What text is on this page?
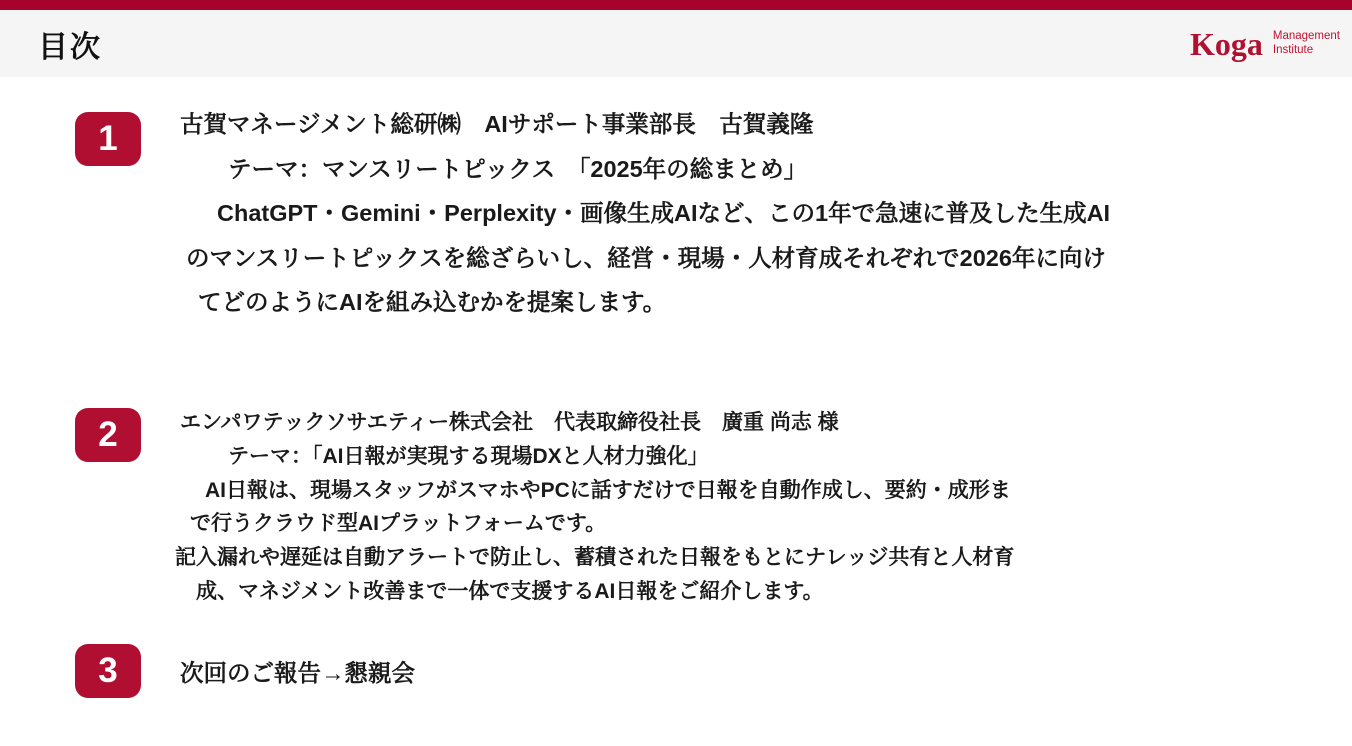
目次	Koga Management
Institute
1	古賀マネージメント総研㈱　AIサポート事業部長　古賀義隆
テーマ：マンスリートピックス　「2025年の総まとめ」
ChatGPT・Gemini・Perplexity・画像生成AIなど、この1年で急速に普及した生成AI
のマンスリートピックスを総ざらいし、経営・現場・人材育成それぞれで2026年に向け
てどのようにAIを組み込むかを提案します。
2	エンパワテックソサエティー株式会社　代表取締役社長　廣重 尚志 様
テーマ：「AI日報が実現する現場DXと人材力強化」
AI日報は、現場スタッフがスマホやPCに話すだけで日報を自動作成し、要約・成形ま
で行うクラウド型AIプラットフォームです。
記入漏れや遅延は自動アラートで防止し、蓄積された日報をもとにナレッジ共有と人材育
成、マネジメント改善まで一体で支援するAI日報をご紹介します。
3	次回のご報告→懇親会
